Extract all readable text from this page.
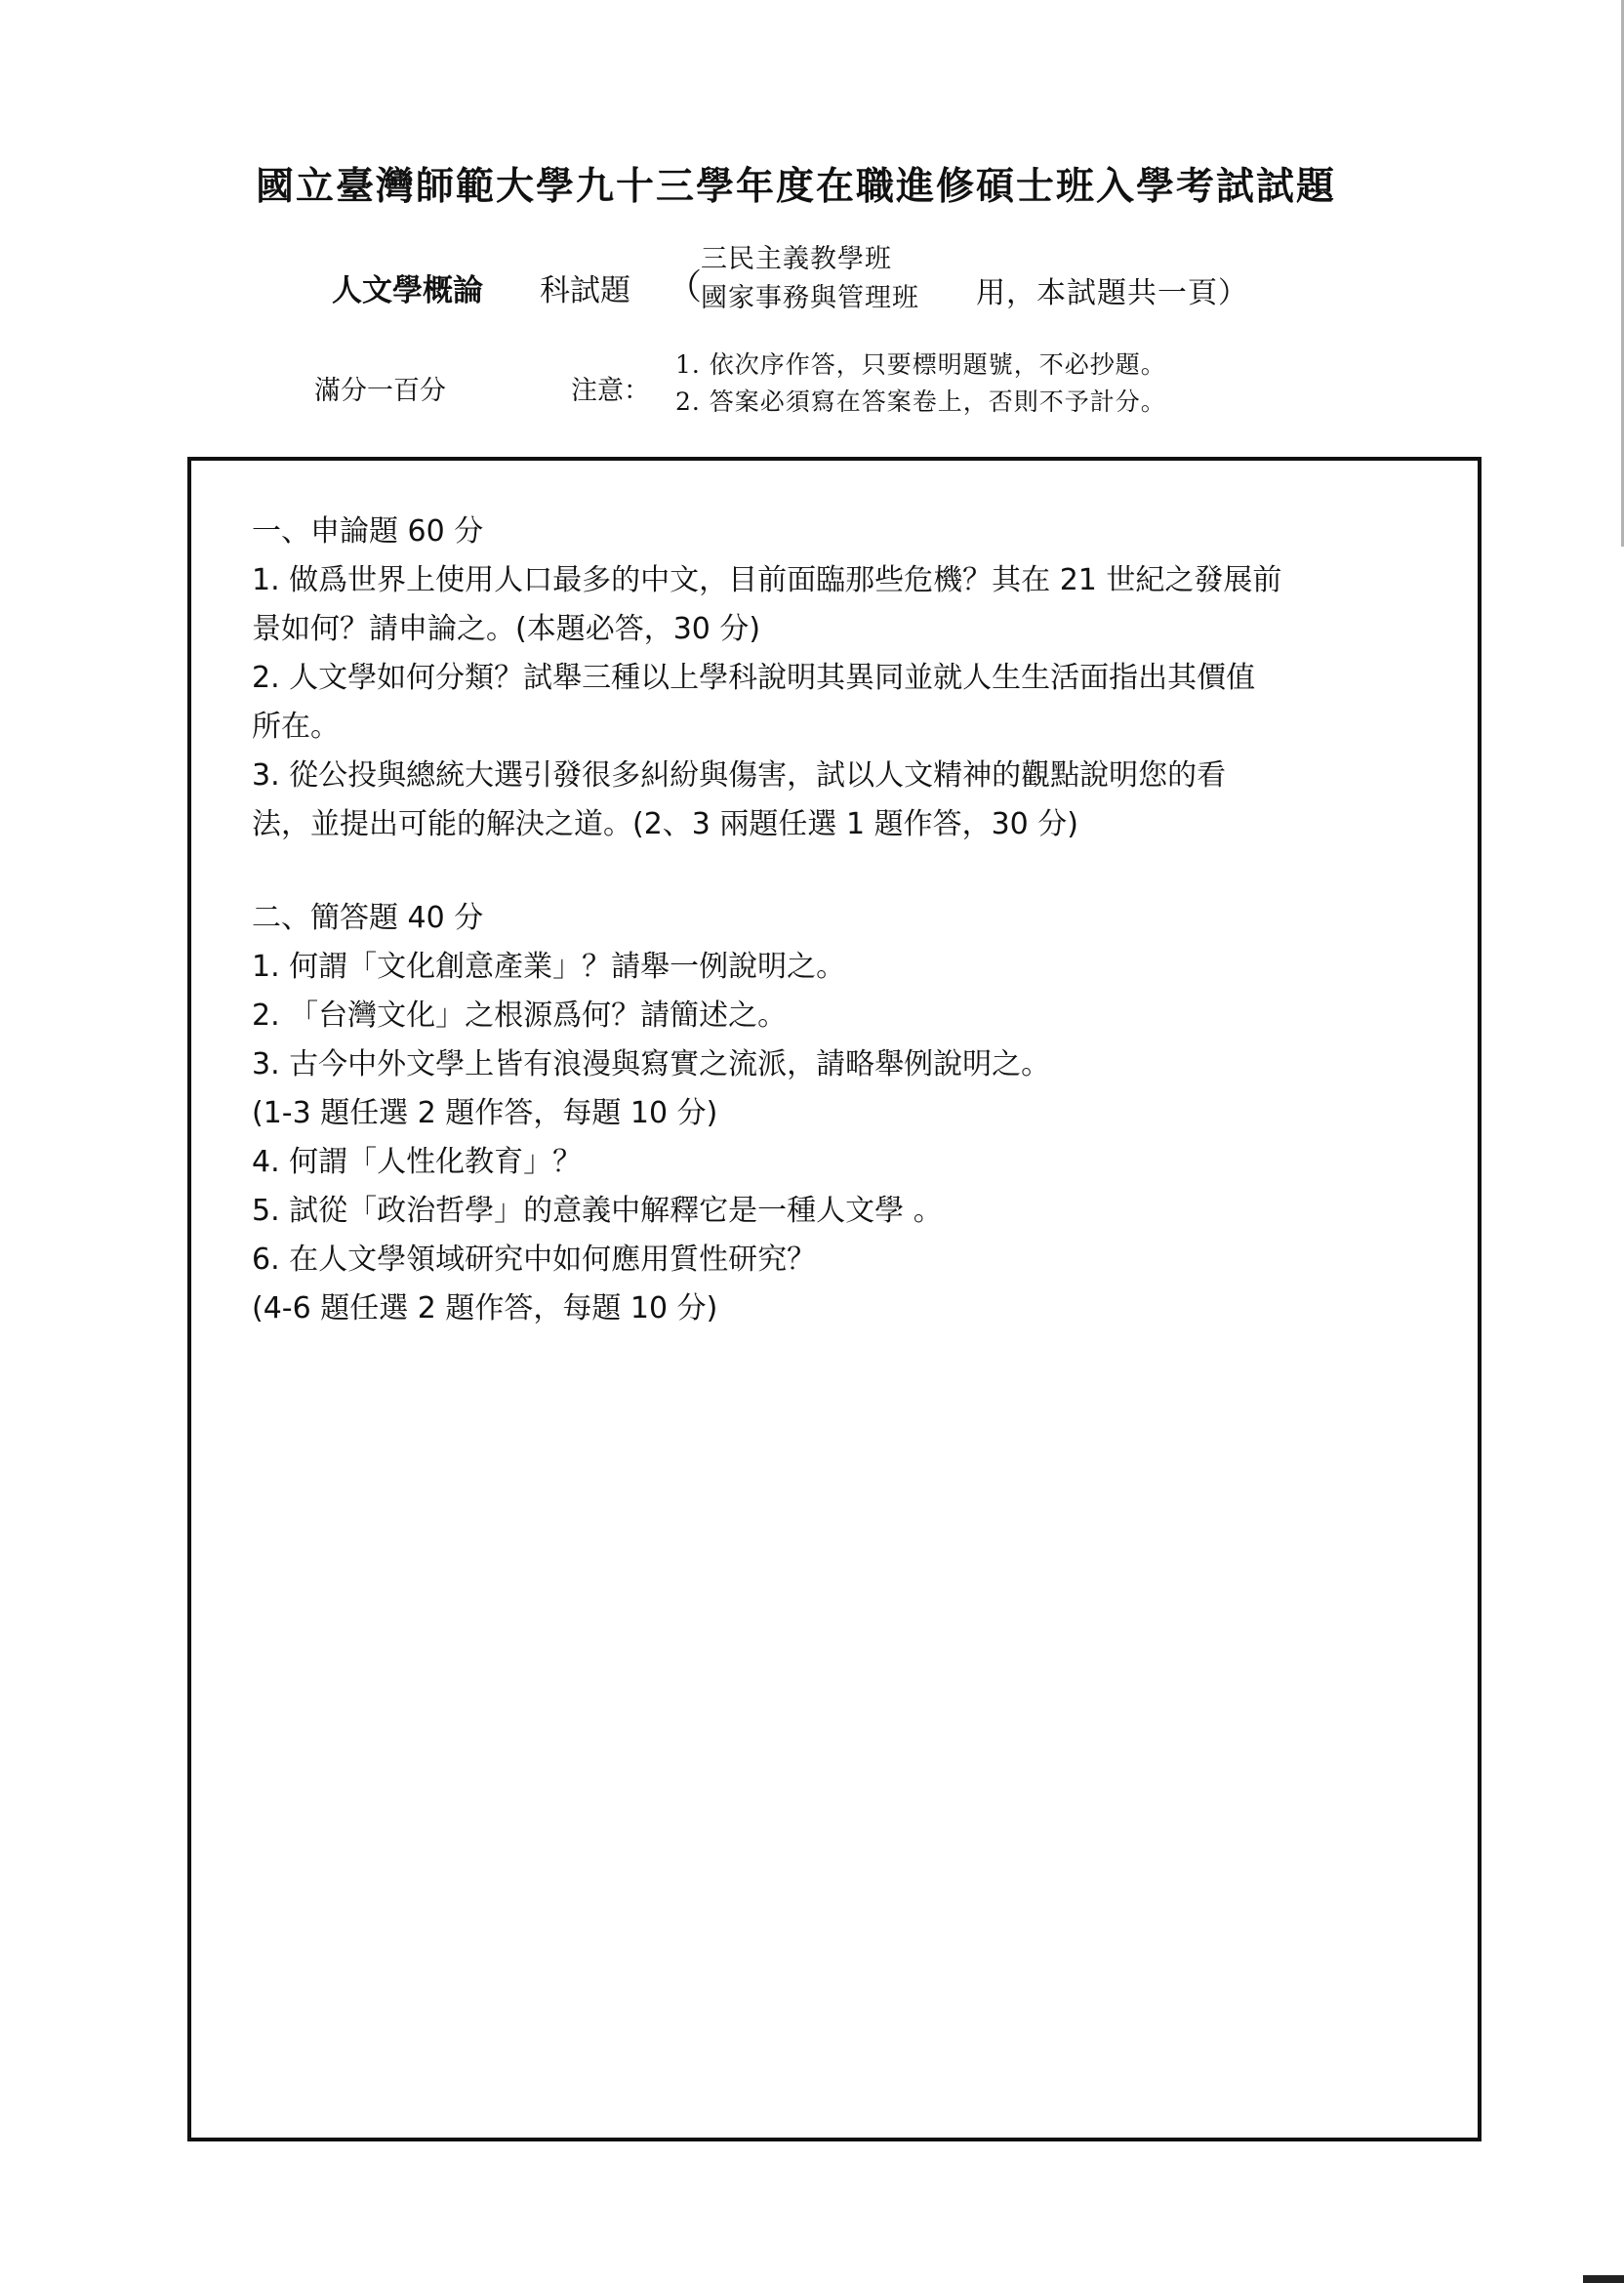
國立臺灣師範大學九十三學年度在職進修碩士班入學考試試題
人文學概論 科試題 （
三民主義教學班
國家事務與管理班 用，本試題共一頁）
滿分一百分	注意：
1. 依次序作答，只要標明題號，不必抄題。
2. 答案必須寫在答案卷上，否則不予計分。

一、申論題 60 分

1. 做爲世界上使用人口最多的中文，目前面臨那些危機？其在 21 世紀之發展前

景如何？請申論之。(本題必答，30 分)

2. 人文學如何分類？試舉三種以上學科說明其異同並就人生生活面指出其價值

所在。

3. 從公投與總統大選引發很多糾紛與傷害，試以人文精神的觀點說明您的看

法，並提出可能的解決之道。(2、3 兩題任選 1 題作答，30 分)

二、簡答題 40 分

1. 何謂「文化創意產業」？請舉一例說明之。

2. 「台灣文化」之根源爲何？請簡述之。

3. 古今中外文學上皆有浪漫與寫實之流派，請略舉例說明之。

(1-3 題任選 2 題作答，每題 10 分)

4. 何謂「人性化教育」？

5. 試從「政治哲學」的意義中解釋它是一種人文學 。

6. 在人文學領域研究中如何應用質性研究？

(4-6 題任選 2 題作答，每題 10 分)
